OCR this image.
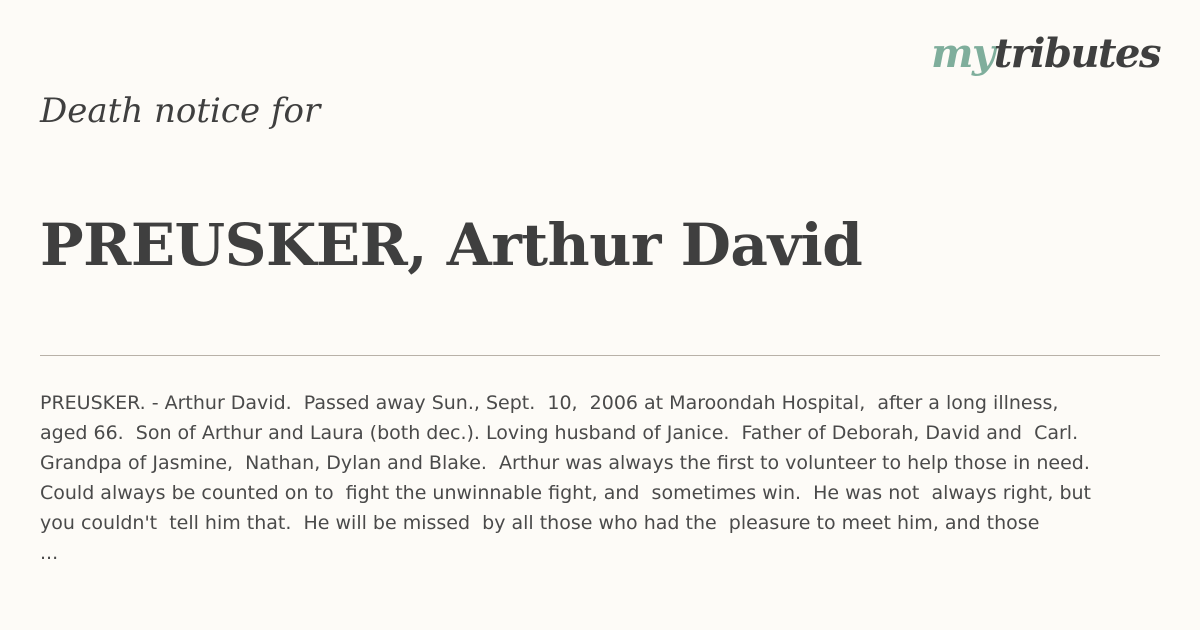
mytributes
Death notice for
PREUSKER, Arthur David
PREUSKER. - Arthur David.  Passed away Sun., Sept.  10,  2006 at Maroondah Hospital,  after a long illness,
aged 66.  Son of Arthur and Laura (both dec.). Loving husband of Janice.  Father of Deborah, David and  Carl.
Grandpa of Jasmine,  Nathan, Dylan and Blake.  Arthur was always the first to volunteer to help those in need.
Could always be counted on to  fight the unwinnable fight, and  sometimes win.  He was not  always right, but
you couldn't  tell him that.  He will be missed  by all those who had the  pleasure to meet him, and those
...
